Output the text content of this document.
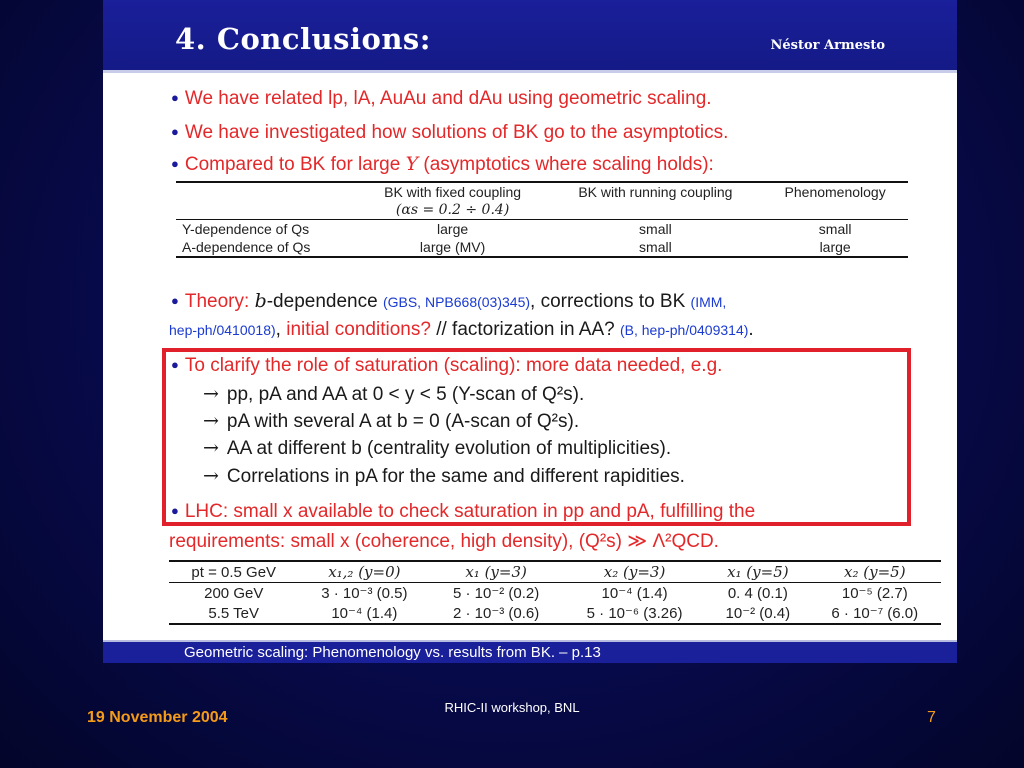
4. Conclusions:	Néstor Armesto
● We have related lp, lA, AuAu and dAu using geometric scaling.
● We have investigated how solutions of BK go to the asymptotics.
● Compared to BK for large Y (asymptotics where scaling holds):
	BK with fixed coupling	BK with running coupling	Phenomenology
	(αs = 0.2 ÷ 0.4)		
Y-dependence of Qs	large	small	small
A-dependence of Qs	large (MV)	small	large
● Theory: b-dependence (GBS, NPB668(03)345), corrections to BK (IMM,
hep-ph/0410018), initial conditions? // factorization in AA? (B, hep-ph/0409314).
● To clarify the role of saturation (scaling): more data needed, e.g.
→ pp, pA and AA at 0 < y < 5 (Y-scan of Q²s).
→ pA with several A at b = 0 (A-scan of Q²s).
→ AA at different b (centrality evolution of multiplicities).
→ Correlations in pA for the same and different rapidities.
● LHC: small x available to check saturation in pp and pA, fulfilling the
requirements: small x (coherence, high density), (Q²s) ≫ Λ²QCD.
pt = 0.5 GeV	x₁,₂ (y=0)	x₁ (y=3)	x₂ (y=3)	x₁ (y=5)	x₂ (y=5)
200 GeV	3 · 10⁻³ (0.5)	5 · 10⁻² (0.2)	10⁻⁴ (1.4)	0. 4 (0.1)	10⁻⁵ (2.7)
5.5 TeV	10⁻⁴ (1.4)	2 · 10⁻³ (0.6)	5 · 10⁻⁶ (3.26)	10⁻² (0.4)	6 · 10⁻⁷ (6.0)
Geometric scaling: Phenomenology vs. results from BK. – p.13
19 November 2004
RHIC-II workshop, BNL
7
